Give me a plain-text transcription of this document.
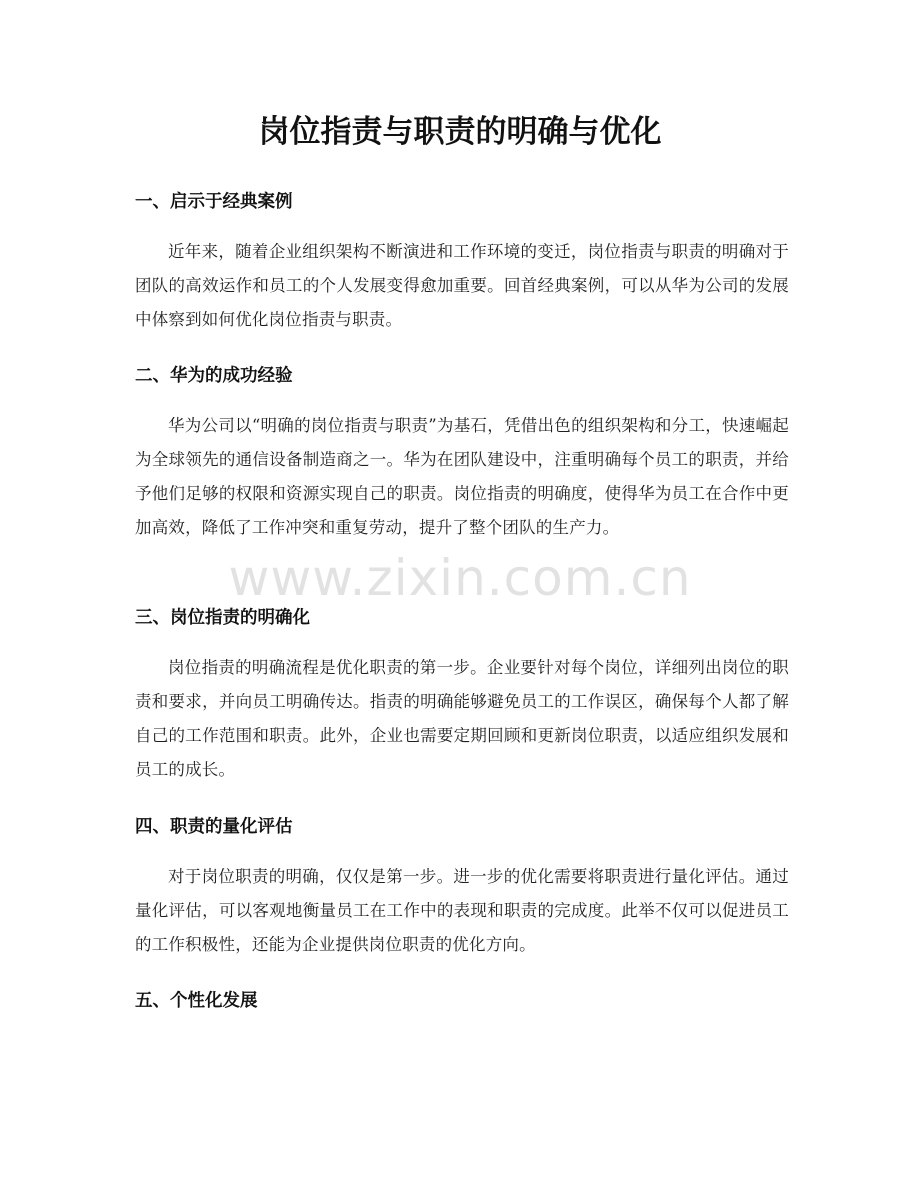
岗位指责与职责的明确与优化
一、启示于经典案例

近年来，随着企业组织架构不断演进和工作环境的变迁，岗位指责与职责的明确对于团队的高效运作和员工的个人发展变得愈加重要。回首经典案例，可以从华为公司的发展中体察到如何优化岗位指责与职责。

二、华为的成功经验

华为公司以“明确的岗位指责与职责”为基石，凭借出色的组织架构和分工，快速崛起为全球领先的通信设备制造商之一。华为在团队建设中，注重明确每个员工的职责，并给予他们足够的权限和资源实现自己的职责。岗位指责的明确度，使得华为员工在合作中更加高效，降低了工作冲突和重复劳动，提升了整个团队的生产力。

三、岗位指责的明确化

岗位指责的明确流程是优化职责的第一步。企业要针对每个岗位，详细列出岗位的职责和要求，并向员工明确传达。指责的明确能够避免员工的工作误区，确保每个人都了解自己的工作范围和职责。此外，企业也需要定期回顾和更新岗位职责，以适应组织发展和员工的成长。

四、职责的量化评估

对于岗位职责的明确，仅仅是第一步。进一步的优化需要将职责进行量化评估。通过量化评估，可以客观地衡量员工在工作中的表现和职责的完成度。此举不仅可以促进员工的工作积极性，还能为企业提供岗位职责的优化方向。

五、个性化发展
www.zixin.com.cn
